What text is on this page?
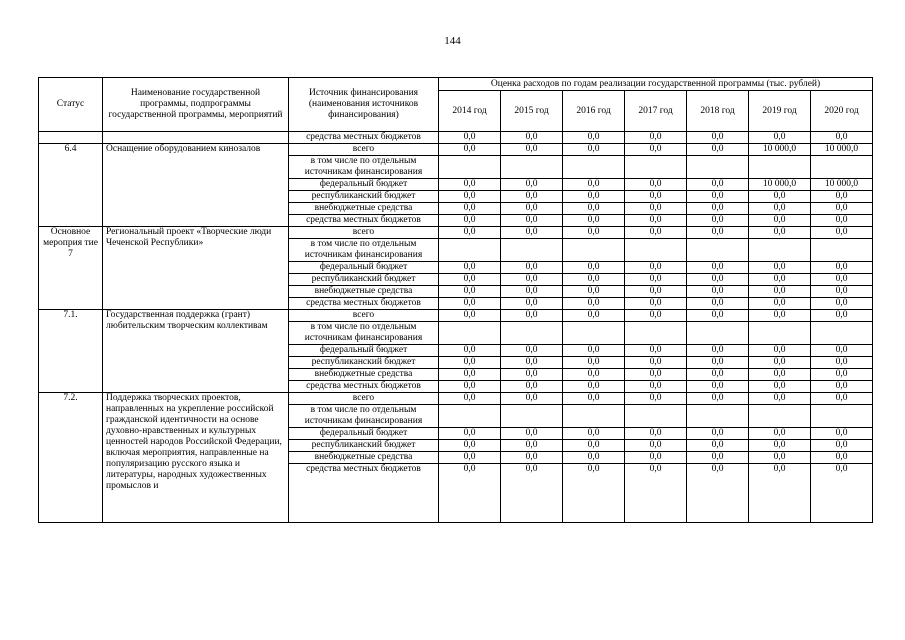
144
Статус	Наименование государственной программы, подпрограммы государственной программы, мероприятий	Источник финансирования (наименования источников финансирования)	Оценка расходов по годам реализации государственной программы (тыс. рублей)						
			2014 год	2015 год	2016 год	2017 год	2018 год	2019 год	2020 год
		средства местных бюджетов	0,0	0,0	0,0	0,0	0,0	0,0	0,0
6.4	Оснащение оборудованием кинозалов	всего	0,0	0,0	0,0	0,0	0,0	10 000,0	10 000,0
		в том числе по отдельным источникам финансирования							
		федеральный бюджет	0,0	0,0	0,0	0,0	0,0	10 000,0	10 000,0
		республиканский бюджет	0,0	0,0	0,0	0,0	0,0	0,0	0,0
		внебюджетные средства	0,0	0,0	0,0	0,0	0,0	0,0	0,0
		средства местных бюджетов	0,0	0,0	0,0	0,0	0,0	0,0	0,0
Основное мероприя тие 7	Региональный проект «Творческие люди Чеченской Республики»	всего	0,0	0,0	0,0	0,0	0,0	0,0	0,0
		в том числе по отдельным источникам финансирования							
		федеральный бюджет	0,0	0,0	0,0	0,0	0,0	0,0	0,0
		республиканский бюджет	0,0	0,0	0,0	0,0	0,0	0,0	0,0
		внебюджетные средства	0,0	0,0	0,0	0,0	0,0	0,0	0,0
		средства местных бюджетов	0,0	0,0	0,0	0,0	0,0	0,0	0,0
7.1.	Государственная поддержка (грант) любительским творческим коллективам	всего	0,0	0,0	0,0	0,0	0,0	0,0	0,0
		в том числе по отдельным источникам финансирования							
		федеральный бюджет	0,0	0,0	0,0	0,0	0,0	0,0	0,0
		республиканский бюджет	0,0	0,0	0,0	0,0	0,0	0,0	0,0
		внебюджетные средства	0,0	0,0	0,0	0,0	0,0	0,0	0,0
		средства местных бюджетов	0,0	0,0	0,0	0,0	0,0	0,0	0,0
7.2.	Поддержка творческих проектов, направленных на укрепление российской гражданской идентичности на основе духовно-нравственных и культурных ценностей народов Российской Федерации, включая мероприятия, направленные на популяризацию русского языка и литературы, народных художественных промыслов и	всего	0,0	0,0	0,0	0,0	0,0	0,0	0,0
		в том числе по отдельным источникам финансирования							
		федеральный бюджет	0,0	0,0	0,0	0,0	0,0	0,0	0,0
		республиканский бюджет	0,0	0,0	0,0	0,0	0,0	0,0	0,0
		внебюджетные средства	0,0	0,0	0,0	0,0	0,0	0,0	0,0
		средства местных бюджетов	0,0	0,0	0,0	0,0	0,0	0,0	0,0
